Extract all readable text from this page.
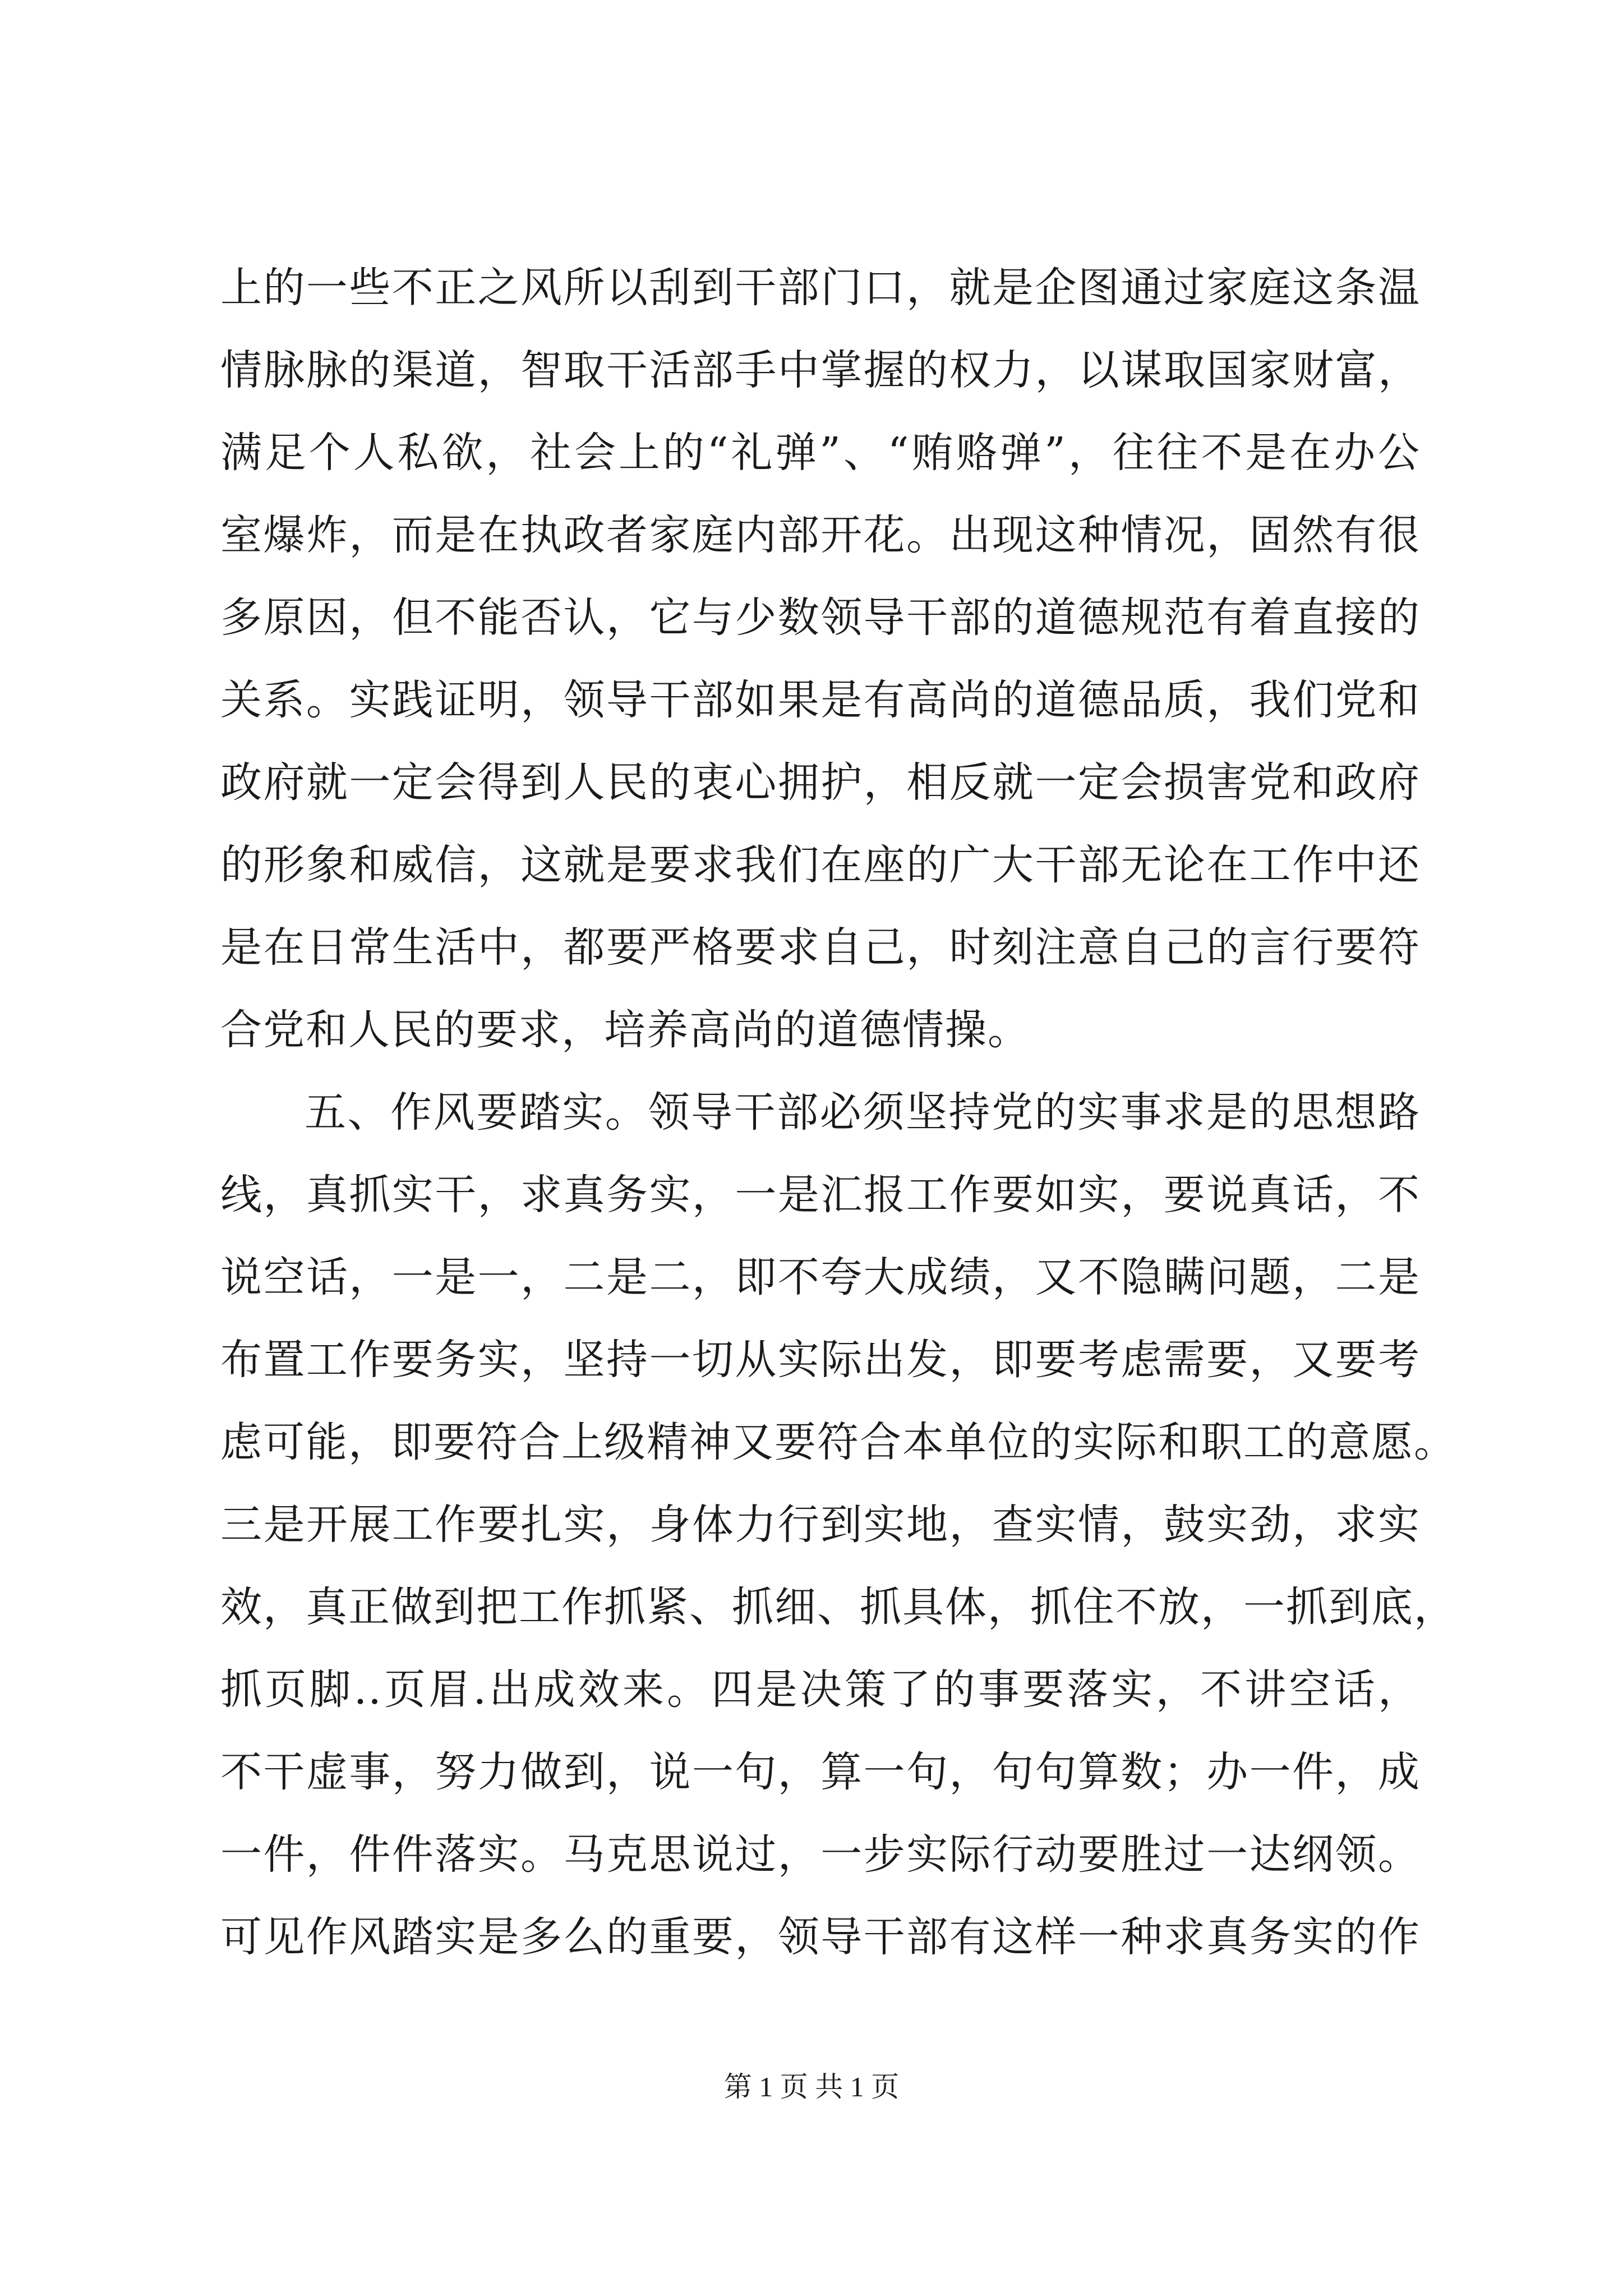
上的一些不正之风所以刮到干部门口，就是企图通过家庭这条温
情脉脉的渠道，智取干活部手中掌握的权力，以谋取国家财富，
满足个人私欲，社会上的“礼弹”、“贿赂弹”，往往不是在办公
室爆炸，而是在执政者家庭内部开花。出现这种情况，固然有很
多原因，但不能否认，它与少数领导干部的道德规范有着直接的
关系。实践证明，领导干部如果是有高尚的道德品质，我们党和
政府就一定会得到人民的衷心拥护，相反就一定会损害党和政府
的形象和威信，这就是要求我们在座的广大干部无论在工作中还
是在日常生活中，都要严格要求自己，时刻注意自己的言行要符
合党和人民的要求，培养高尚的道德情操。
五、作风要踏实。领导干部必须坚持党的实事求是的思想路
线，真抓实干，求真务实，一是汇报工作要如实，要说真话，不
说空话，一是一，二是二，即不夸大成绩，又不隐瞒问题，二是
布置工作要务实，坚持一切从实际出发，即要考虑需要，又要考
虑可能，即要符合上级精神又要符合本单位的实际和职工的意愿。
三是开展工作要扎实，身体力行到实地，查实情，鼓实劲，求实
效，真正做到把工作抓紧、抓细、抓具体，抓住不放，一抓到底，
抓页脚..页眉.出成效来。四是决策了的事要落实，不讲空话，
不干虚事，努力做到，说一句，算一句，句句算数；办一件，成
一件，件件落实。马克思说过，一步实际行动要胜过一达纲领。
可见作风踏实是多么的重要，领导干部有这样一种求真务实的作
第 1 页 共 1 页
